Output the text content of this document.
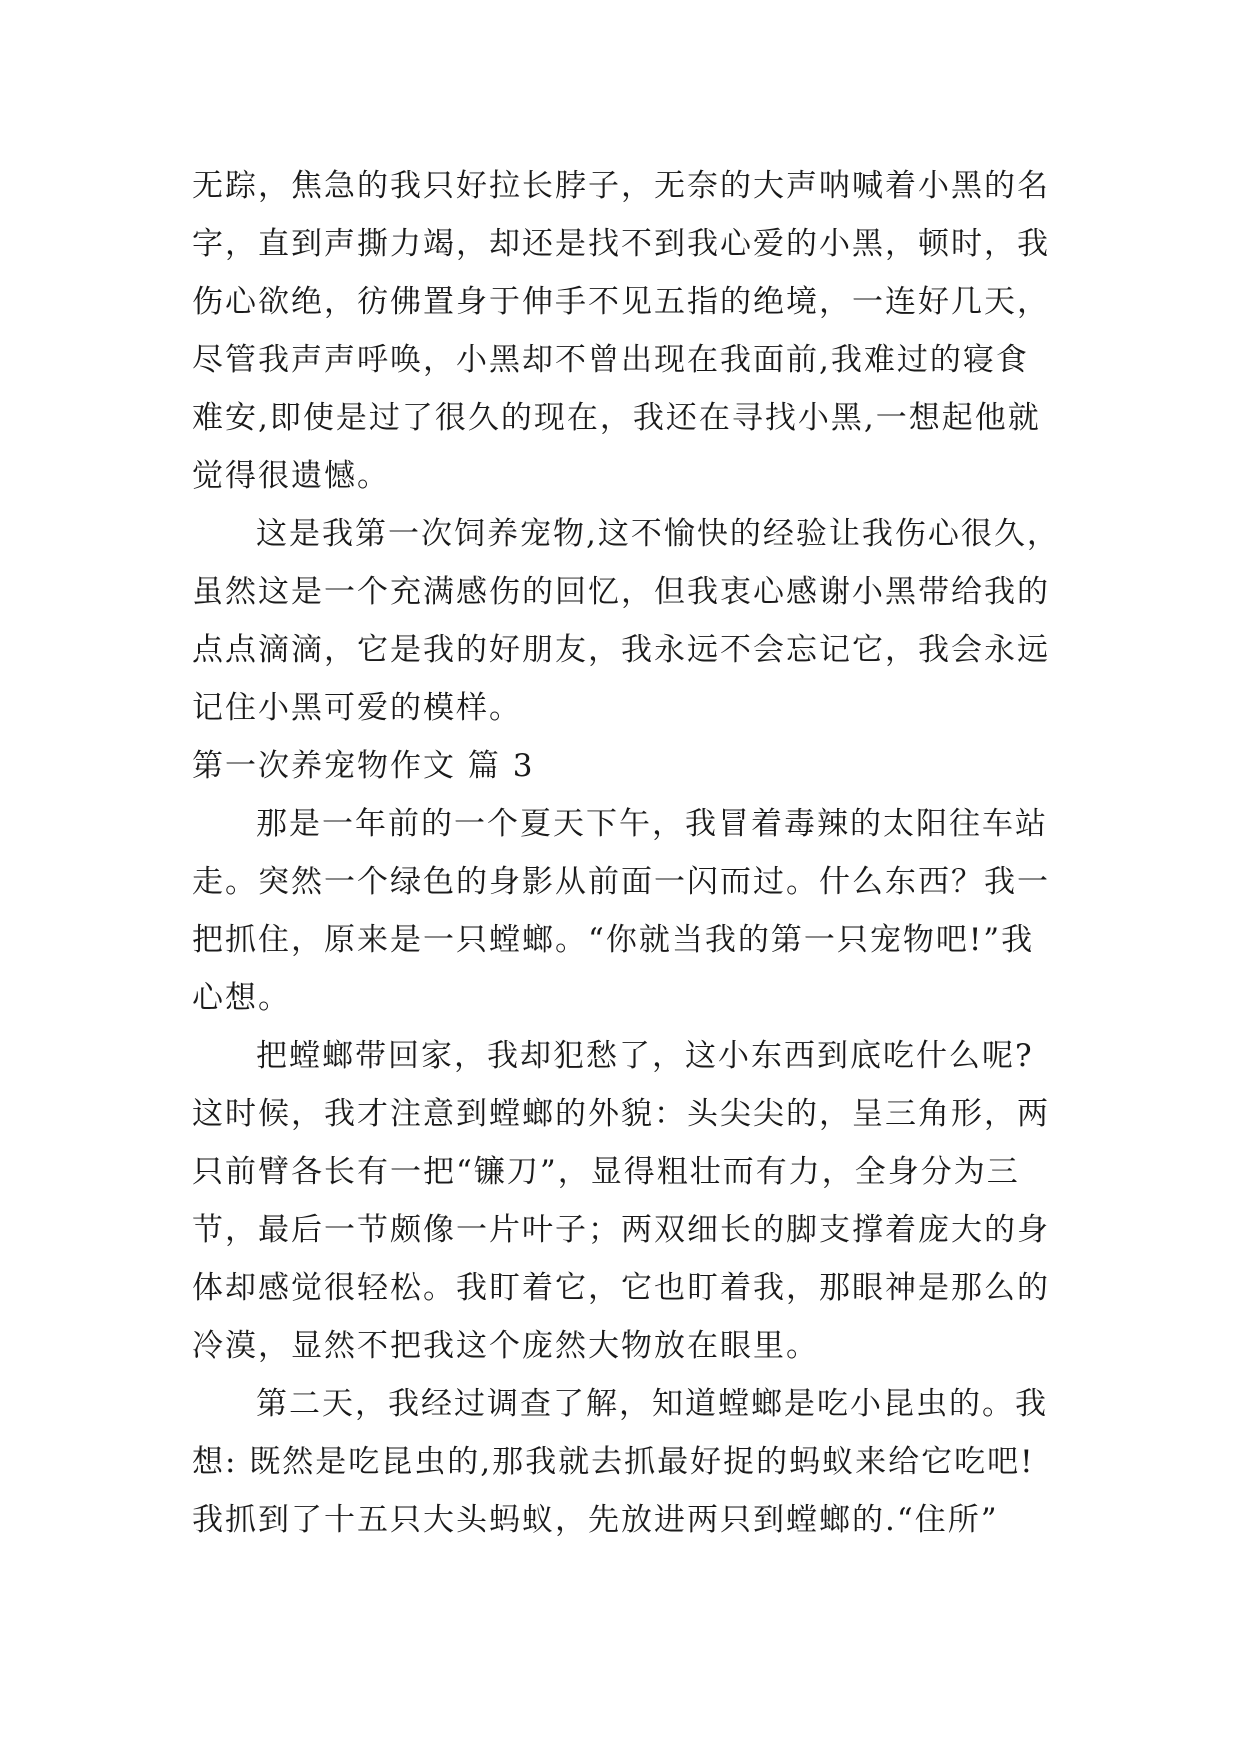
无踪，焦急的我只好拉长脖子，无奈的大声呐喊着小黑的名
字，直到声撕力竭，却还是找不到我心爱的小黑，顿时，我
伤心欲绝，彷佛置身于伸手不见五指的绝境，一连好几天，
尽管我声声呼唤，小黑却不曾出现在我面前,我难过的寝食
难安,即使是过了很久的现在，我还在寻找小黑,一想起他就
觉得很遗憾。
这是我第一次饲养宠物,这不愉快的经验让我伤心很久，
虽然这是一个充满感伤的回忆，但我衷心感谢小黑带给我的
点点滴滴，它是我的好朋友，我永远不会忘记它，我会永远
记住小黑可爱的模样。
第一次养宠物作文 篇 3
那是一年前的一个夏天下午，我冒着毒辣的太阳往车站
走。突然一个绿色的身影从前面一闪而过。什么东西？我一
把抓住，原来是一只螳螂。“你就当我的第一只宠物吧!”我
心想。
把螳螂带回家，我却犯愁了，这小东西到底吃什么呢?
这时候，我才注意到螳螂的外貌：头尖尖的，呈三角形，两
只前臂各长有一把“镰刀”，显得粗壮而有力，全身分为三
节，最后一节颇像一片叶子；两双细长的脚支撑着庞大的身
体却感觉很轻松。我盯着它，它也盯着我，那眼神是那么的
冷漠，显然不把我这个庞然大物放在眼里。
第二天，我经过调查了解，知道螳螂是吃小昆虫的。我
想: 既然是吃昆虫的,那我就去抓最好捉的蚂蚁来给它吃吧!
我抓到了十五只大头蚂蚁，先放进两只到螳螂的.“住所”
